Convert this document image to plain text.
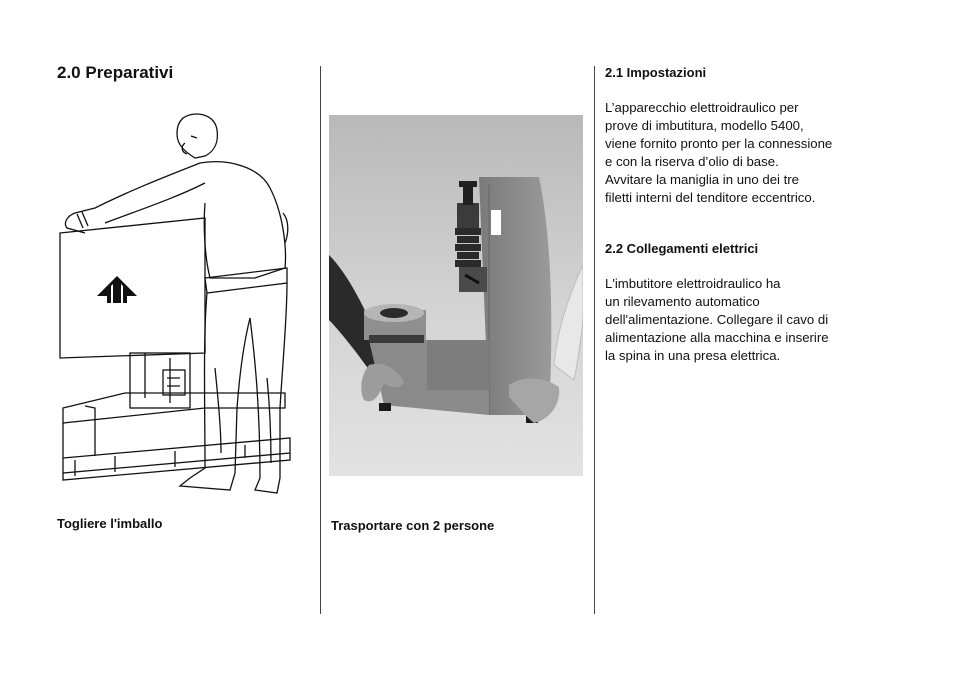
2.0 Preparativi
Togliere l'imballo	Trasportare con 2 persone
2.1 Impostazioni

L’apparecchio elettroidraulico per
prove di imbutitura, modello 5400,
viene fornito pronto per la connessione
e con la riserva d’olio di base.
Avvitare la maniglia in uno dei tre
filetti interni del tenditore eccentrico.

2.2 Collegamenti elettrici

L'imbutitore elettroidraulico ha
un rilevamento automatico
dell'alimentazione. Collegare il cavo di
alimentazione alla macchina e inserire
la spina in una presa elettrica.
